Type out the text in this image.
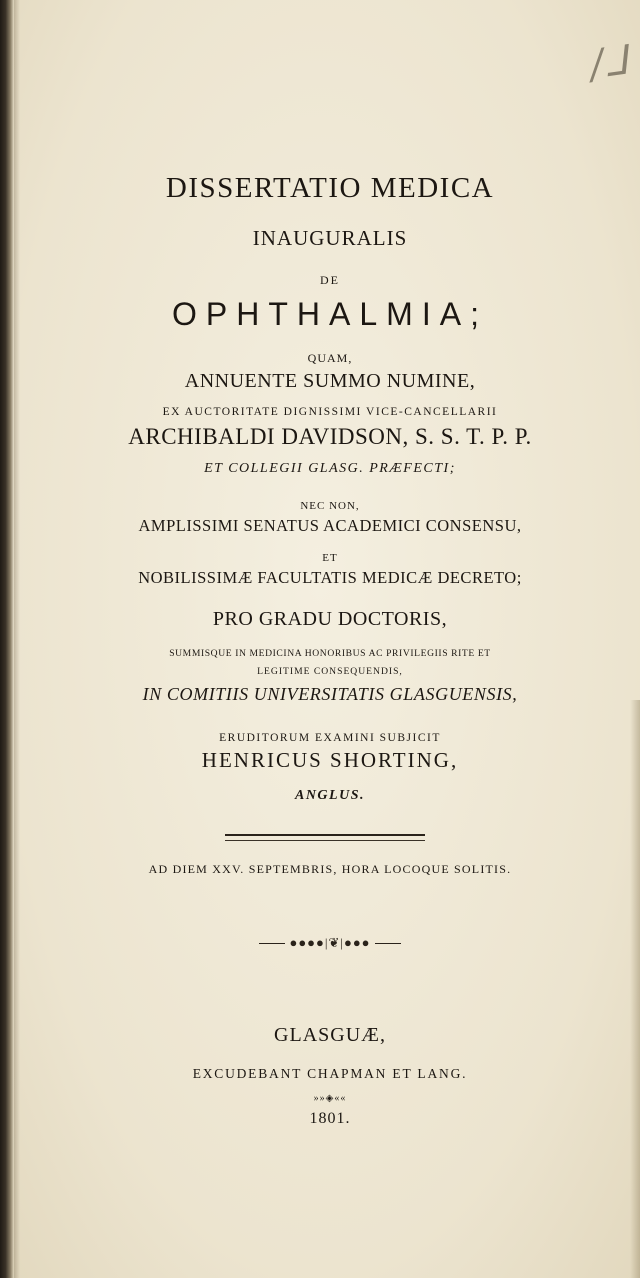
/ᒧ
DISSERTATIO MEDICA
INAUGURALIS
DE
OPHTHALMIA;
QUAM,
ANNUENTE SUMMO NUMINE,
EX AUCTORITATE DIGNISSIMI VICE-CANCELLARII
ARCHIBALDI DAVIDSON, S. S. T. P. P.
ET COLLEGII GLASG. PRÆFECTI;
NEC NON,
AMPLISSIMI SENATUS ACADEMICI CONSENSU,
ET
NOBILISSIMÆ FACULTATIS MEDICÆ DECRETO;
PRO GRADU DOCTORIS,
SUMMISQUE IN MEDICINA HONORIBUS AC PRIVILEGIIS RITE ET
LEGITIME CONSEQUENDIS,
IN COMITIIS UNIVERSITATIS GLASGUENSIS,
ERUDITORUM EXAMINI SUBJICIT
HENRICUS SHORTING,
ANGLUS.
AD DIEM XXV. SEPTEMBRIS, HORA LOCOQUE SOLITIS.
●●●●|❦|●●●
GLASGUÆ,
EXCUDEBANT CHAPMAN ET LANG.
»»◈««
1801.
